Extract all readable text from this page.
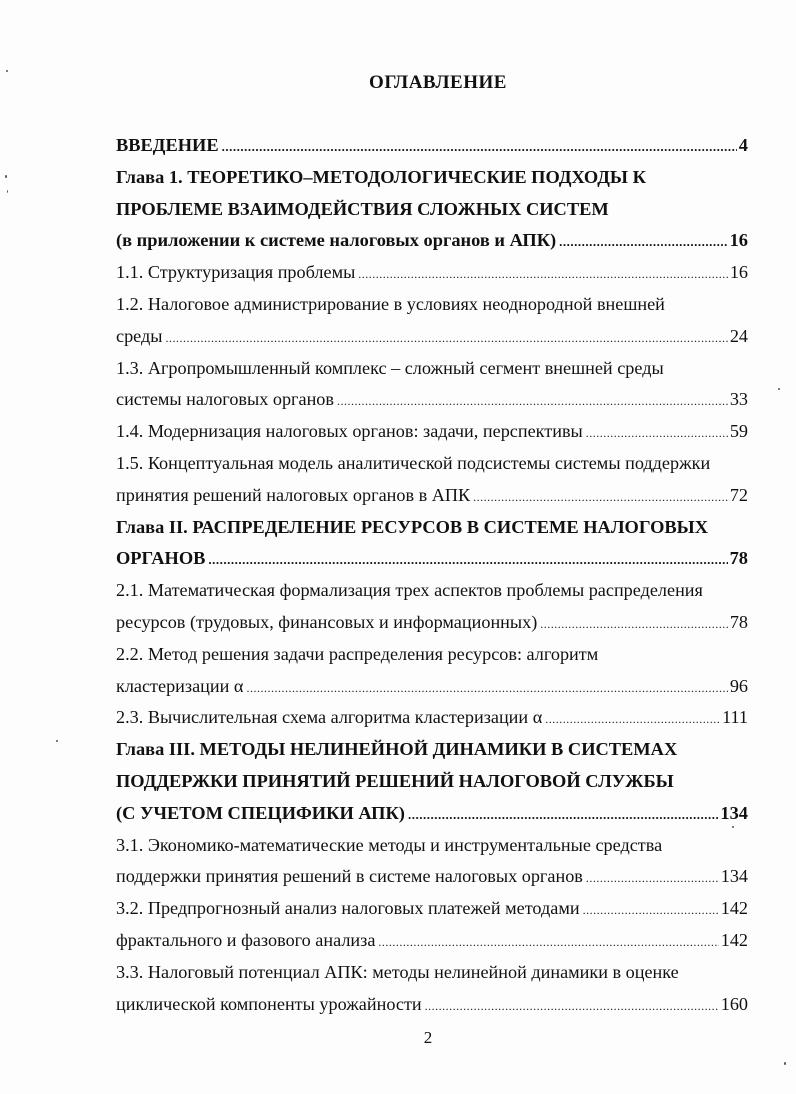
ОГЛАВЛЕНИЕ
ВВЕДЕНИЕ .....	4
Глава 1. ТЕОРЕТИКО–МЕТОДОЛОГИЧЕСКИЕ ПОДХОДЫ К
ПРОБЛЕМЕ ВЗАИМОДЕЙСТВИЯ СЛОЖНЫХ СИСТЕМ
(в приложении к системе налоговых органов и АПК) .....	16
1.1. Структуризация проблемы .....	16
1.2. Налоговое администрирование в условиях неоднородной внешней
среды .....	24
1.3. Агропромышленный комплекс – сложный сегмент внешней среды
системы налоговых органов .....	33
1.4. Модернизация налоговых органов: задачи, перспективы .....	59
1.5. Концептуальная модель аналитической подсистемы системы поддержки
принятия решений налоговых органов в АПК .....	72
Глава II. РАСПРЕДЕЛЕНИЕ РЕСУРСОВ В СИСТЕМЕ НАЛОГОВЫХ
ОРГАНОВ .....	78
2.1. Математическая формализация трех аспектов проблемы распределения
ресурсов (трудовых, финансовых и информационных) .....	78
2.2. Метод решения задачи распределения ресурсов: алгоритм
кластеризации α .....	96
2.3. Вычислительная схема алгоритма кластеризации α .....	111
Глава III. МЕТОДЫ НЕЛИНЕЙНОЙ ДИНАМИКИ В СИСТЕМАХ
ПОДДЕРЖКИ ПРИНЯТИЙ РЕШЕНИЙ НАЛОГОВОЙ СЛУЖБЫ
(С УЧЕТОМ СПЕЦИФИКИ АПК) .....	134
3.1. Экономико-математические методы и инструментальные средства
поддержки принятия решений в системе налоговых органов .....	134
3.2. Предпрогнозный анализ налоговых платежей методами .....	142
фрактального и фазового анализа .....	142
3.3. Налоговый потенциал АПК: методы нелинейной динамики в оценке
циклической компоненты урожайности .....	160
2
